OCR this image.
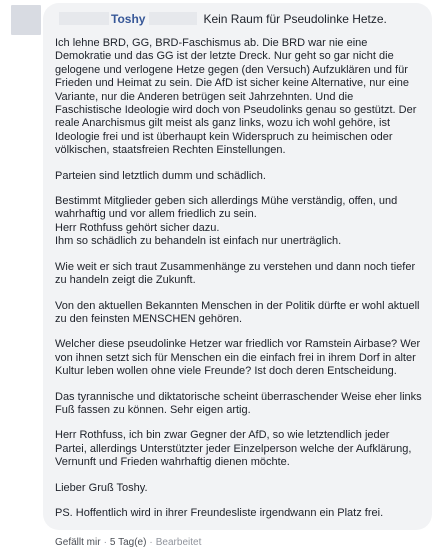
Toshy	Kein Raum für Pseudolinke Hetze.

Ich lehne BRD, GG, BRD-Faschismus ab. Die BRD war nie eine Demokratie und das GG ist der letzte Dreck. Nur geht so gar nicht die gelogene und verlogene Hetze gegen (den Versuch) Aufzuklären und für Frieden und Heimat zu sein. Die AfD ist sicher keine Alternative, nur eine Variante, nur die Anderen betrügen seit Jahrzehnten. Und die Faschistische Ideologie wird doch von Pseudolinks genau so gestützt. Der reale Anarchismus gilt meist als ganz links, wozu ich wohl gehöre, ist Ideologie frei und ist überhaupt kein Widerspruch zu heimischen oder völkischen, staatsfreien Rechten Einstellungen.

Parteien sind letztlich dumm und schädlich.

Bestimmt Mitglieder geben sich allerdings Mühe verständig, offen, und wahrhaftig und vor allem friedlich zu sein.
Herr Rothfuss gehört sicher dazu.
Ihm so schädlich zu behandeln ist einfach nur unerträglich.

Wie weit er sich traut Zusammenhänge zu verstehen und dann noch tiefer zu handeln zeigt die Zukunft.

Von den aktuellen Bekannten Menschen in der Politik dürfte er wohl aktuell zu den feinsten MENSCHEN gehören.

Welcher diese pseudolinke Hetzer war friedlich vor Ramstein Airbase? Wer von ihnen setzt sich für Menschen ein die einfach frei in ihrem Dorf in alter Kultur leben wollen ohne viele Freunde? Ist doch deren Entscheidung.

Das tyrannische und diktatorische scheint überraschender Weise eher links Fuß fassen zu können. Sehr eigen artig.

Herr Rothfuss, ich bin zwar Gegner der AfD, so wie letztendlich jeder Partei, allerdings Unterstützter jeder Einzelperson welche der Aufklärung, Vernunft und Frieden wahrhaftig dienen möchte.

Lieber Gruß Toshy.

PS. Hoffentlich wird in ihrer Freundesliste irgendwann ein Platz frei.

Gefällt mir · 5 Tag(e) · Bearbeitet
